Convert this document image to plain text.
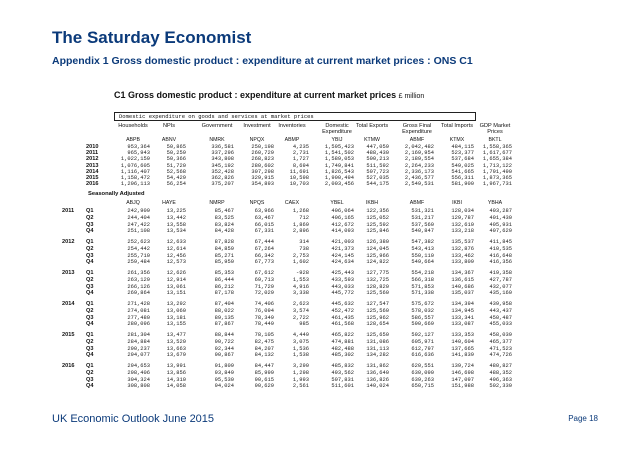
The Saturday Economist
Appendix 1 Gross domestic product : expenditure at current market prices : ONS C1
C1 Gross domestic product : expenditure at current market prices £ million
Domestic expenditure on goods and services at market prices
Households	NPIs	Government	Investment	Inventories	Domestic Expenditure
Total Exports	Gross Final Expenditure
Total Imports	GDP Market Prices
ABPB	ABNV	NMRK	NPQX	ABMP	YBIJ	KTMW	ABMF	KTMX	BKTL
2010	953,364	50,865	336,581	250,198	4,235	1,595,423	447,059	2,042,482	484,115	1,558,365
2011	965,943	50,259	337,296	260,729	2,731	1,541,502	488,430	2,169,954	523,377	1,617,677
2012	1,022,159	50,366	343,808	268,823	1,727	1,589,053	500,213	2,189,554	537,684	1,655,384
2013	1,076,605	51,720	345,192	280,602	8,694	1,749,841	511,592	2,264,233	549,025	1,713,122
2014	1,116,407	52,568	352,428	307,298	11,691	1,826,543	507,723	2,336,173	541,665	1,791,490
2015	1,158,472	54,429	362,826	329,915	10,598	1,900,494	527,035	2,436,577	556,311	1,873,365
2016	1,206,113	56,254	375,207	354,893	10,703	2,003,456	544,175	2,549,531	581,900	1,967,731
Seasonally Adjusted
ABJQ	HAYE	NMRP	NPQS	CAEX	YBEL	IKBH	ABMF	IKBI	YBHA
2011 Q1	242,909	13,225	85,467	63,966	1,268	406,064	122,356	531,321	128,034	403,287
Q2	244,404	13,442	83,525	63,467	712	406,165	125,052	531,217	129,787	401,430
Q3	247,422	13,558	83,824	66,015	1,869	412,672	125,592	537,560	132,610	405,931
Q4	251,108	13,534	84,428	67,331	2,896	414,093	125,846	540,847	133,218	407,629
2012 Q1	252,623	12,633	87,828	67,444	314	421,003	126,380	547,382	135,537	411,845
Q2	254,442	12,614	84,859	67,264	738	421,373	124,045	543,413	132,876	410,535
Q3	255,710	12,456	85,271	66,342	2,753	424,145	125,966	550,110	133,462	416,648
Q4	259,484	12,573	85,950	67,773	1,602	424,634	124,822	549,664	133,809	416,356
2013 Q1	261,356	12,626	85,353	67,612	-928	425,443	127,775	554,218	134,367	419,358
Q2	263,129	12,914	86,444	69,713	1,553	433,593	132,725	566,318	136,615	427,787
Q3	266,126	13,061	86,212	71,729	4,916	443,033	128,820	571,853	140,686	432,077
Q4	269,864	13,151	87,178	72,029	3,338	445,772	125,560	571,338	135,037	435,160
2014 Q1	271,428	13,292	87,404	74,406	2,623	445,632	127,547	575,672	134,394	439,958
Q2	274,081	13,060	88,022	76,094	3,574	452,472	125,560	578,032	134,945	443,437
Q3	277,480	13,181	89,135	78,349	2,722	461,435	125,962	586,557	133,341	450,487
Q4	280,096	13,155	87,867	78,449	985	461,568	128,654	590,669	133,087	455,033
2015 Q1	281,304	13,477	88,844	78,105	4,449	465,822	125,650	592,127	133,353	458,039
Q2	284,884	13,520	90,722	82,475	3,075	474,881	131,086	605,971	140,604	465,377
Q3	290,237	13,663	92,344	84,207	1,536	482,488	131,113	612,797	137,665	471,523
Q4	294,077	13,679	90,867	84,132	1,538	485,302	134,282	616,636	141,839	474,726
2016 Q1	294,653	13,991	91,809	84,447	3,290	485,832	131,862	620,551	139,724	480,827
Q2	298,406	13,856	93,849	85,999	1,298	493,562	136,640	630,090	146,698	488,352
Q3	304,324	14,310	95,530	90,615	1,993	507,831	136,826	639,263	147,097	496,363
Q4	308,808	14,058	94,024	90,629	2,561	511,601	140,024	650,715	151,988	502,330
UK Economic Outlook June 2015	Page 18
